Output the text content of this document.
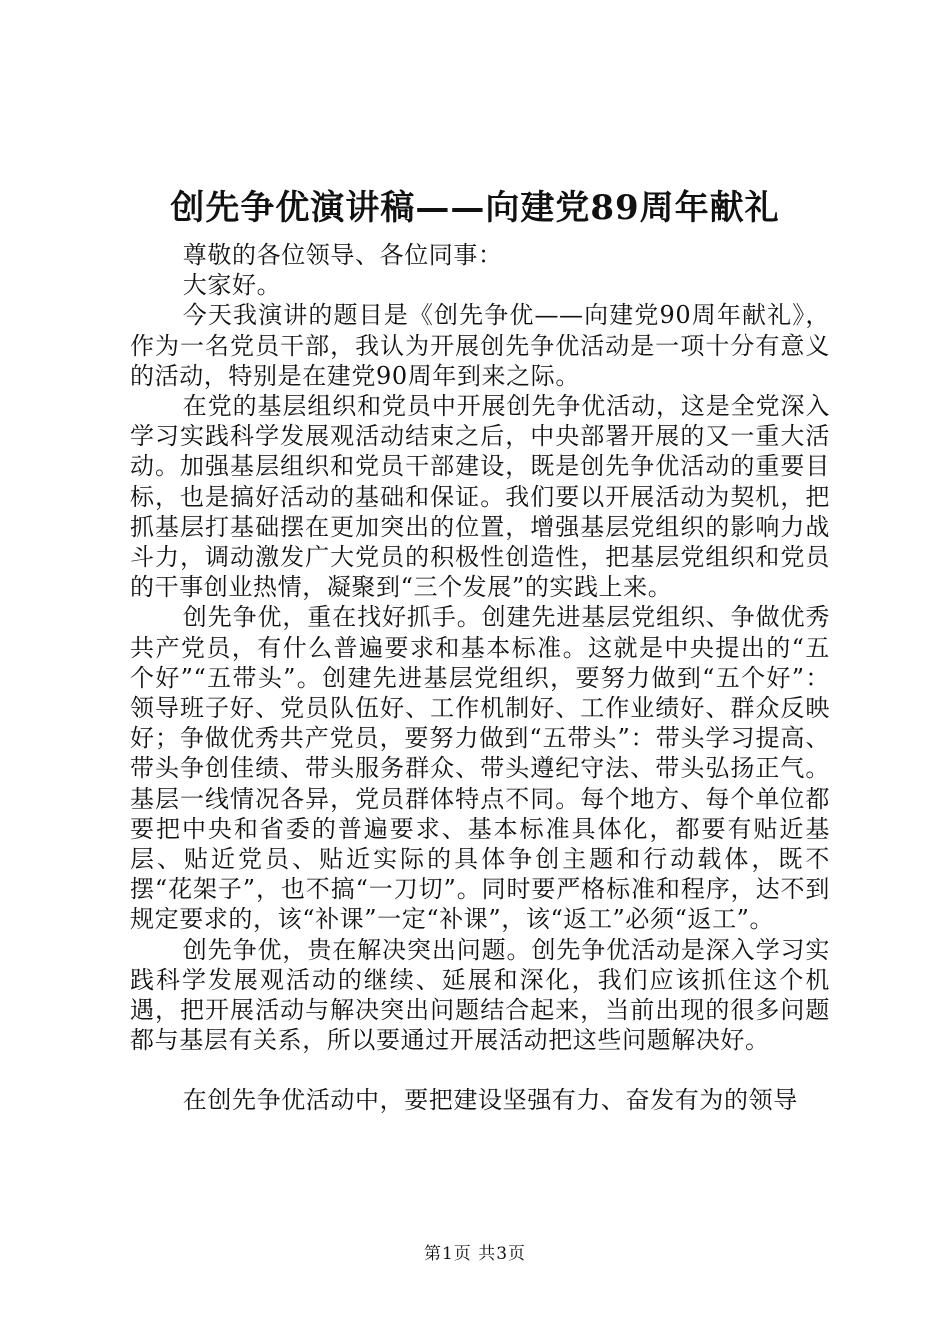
创先争优演讲稿——向建党89周年献礼

尊敬的各位领导、各位同事：

大家好。

今天我演讲的题目是《创先争优——向建党90周年献礼》，作为一名党员干部，我认为开展创先争优活动是一项十分有意义的活动，特别是在建党90周年到来之际。

在党的基层组织和党员中开展创先争优活动，这是全党深入学习实践科学发展观活动结束之后，中央部署开展的又一重大活动。加强基层组织和党员干部建设，既是创先争优活动的重要目标，也是搞好活动的基础和保证。我们要以开展活动为契机，把抓基层打基础摆在更加突出的位置，增强基层党组织的影响力战斗力，调动激发广大党员的积极性创造性，把基层党组织和党员的干事创业热情，凝聚到“三个发展”的实践上来。

创先争优，重在找好抓手。创建先进基层党组织、争做优秀共产党员，有什么普遍要求和基本标准。这就是中央提出的“五个好”“五带头”。创建先进基层党组织，要努力做到“五个好”：领导班子好、党员队伍好、工作机制好、工作业绩好、群众反映好；争做优秀共产党员，要努力做到“五带头”：带头学习提高、带头争创佳绩、带头服务群众、带头遵纪守法、带头弘扬正气。基层一线情况各异，党员群体特点不同。每个地方、每个单位都要把中央和省委的普遍要求、基本标准具体化，都要有贴近基层、贴近党员、贴近实际的具体争创主题和行动载体，既不摆“花架子”，也不搞“一刀切”。同时要严格标准和程序，达不到规定要求的，该“补课”一定“补课”，该“返工”必须“返工”。

创先争优，贵在解决突出问题。创先争优活动是深入学习实践科学发展观活动的继续、延展和深化，我们应该抓住这个机遇，把开展活动与解决突出问题结合起来，当前出现的很多问题都与基层有关系，所以要通过开展活动把这些问题解决好。

在创先争优活动中，要把建设坚强有力、奋发有为的领导

第1页 共3页
